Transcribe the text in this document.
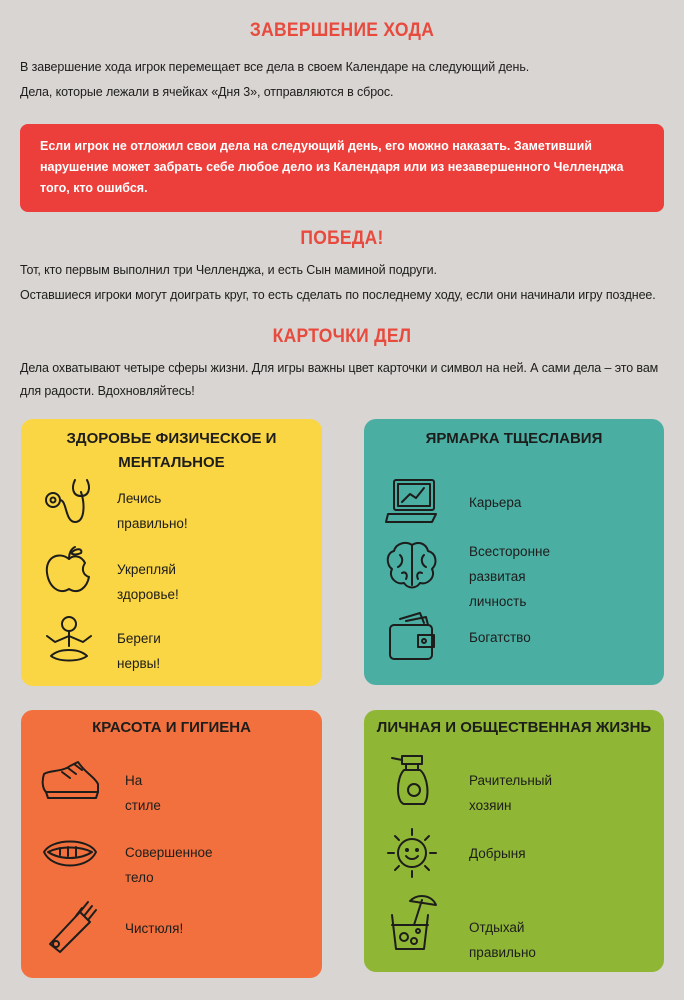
ЗАВЕРШЕНИЕ ХОДА

В завершение хода игрок перемещает все дела в своем Календаре на следующий день.

Дела, которые лежали в ячейках «Дня 3», отправляются в сброс.

Если игрок не отложил свои дела на следующий день, его можно наказать. Заметивший нарушение может забрать себе любое дело из Календаря или из незавершенного Челленджа того, кто ошибся.
ПОБЕДА!

Тот, кто первым выполнил три Челленджа, и есть Сын маминой подруги.

Оставшиеся игроки могут доиграть круг, то есть сделать по последнему ходу, если они начинали игру позднее.

КАРТОЧКИ ДЕЛ

Дела охватывают четыре сферы жизни. Для игры важны цвет карточки и символ на ней. А сами дела – это вам для радости. Вдохновляйтесь!

ЗДОРОВЬЕ ФИЗИЧЕСКОЕ И
МЕНТАЛЬНОЕ
Лечись правильно!
Укрепляй здоровье!
Береги нервы!
ЯРМАРКА ТЩЕСЛАВИЯ
Карьера
Всесторонне
развитая личность
Богатство
КРАСОТА И ГИГИЕНА
На стиле
Совершенное тело
Чистюля!
ЛИЧНАЯ И ОБЩЕСТВЕННАЯ ЖИЗНЬ
Рачительный хозяин
Добрыня
Отдыхай правильно
